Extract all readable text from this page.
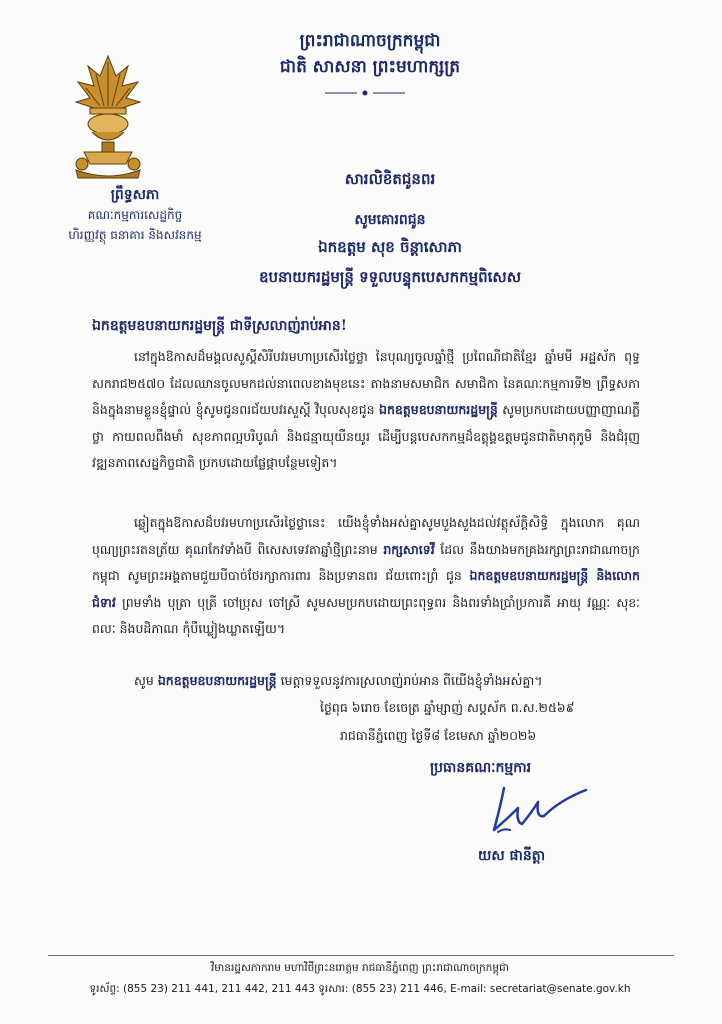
ព្រះរាជាណាចក្រកម្ពុជា
ជាតិ សាសនា ព្រះមហាក្សត្រ
ព្រឹទ្ធសភា
គណៈកម្មការសេដ្ឋកិច្ច
ហិរញ្ញវត្ថុ ធនាគារ និងសវនកម្ម
សារលិខិតជូនពរ
សូមគោរពជូន
ឯកឧត្តម សុខ ចិន្តាសោភា
ឧបនាយករដ្ឋមន្ត្រី ទទួលបន្ទុកបេសកកម្មពិសេស
ឯកឧត្តមឧបនាយករដ្ឋមន្ត្រី ជាទីស្រលាញ់រាប់អាន!
នៅក្នុងឱកាសដ៏មង្គលសួស្តីសិរីបវរមហាប្រសើរថ្លៃថ្លា នៃបុណ្យចូលឆ្នាំថ្មី ប្រពៃណីជាតិខ្មែរ ឆ្នាំមមី អដ្ឋស័ក ពុទ្ធសករាជ២៥៧០ ដែលឈានចូលមកដល់នាពេលខាងមុខនេះ តាងនាមសមាជិក សមាជិកា នៃគណៈកម្មការទី២ ព្រឹទ្ធសភា និងក្នុងនាមខ្លួនខ្ញុំផ្ទាល់ ខ្ញុំសូមជូនពរជ័យបវរសួស្តី វិបុលសុខជូន ឯកឧត្តមឧបនាយករដ្ឋមន្ត្រី សូមប្រកបដោយបញ្ញាញាណភ្លឺថ្លា កាយពលពឹងមាំ សុខភាពល្អបរិបូណ៌ និងជន្មាយុយឺនយូរ ដើម្បីបន្តបេសកកម្មដ៏ឧត្តុង្គឧត្តមជូនជាតិមាតុភូមិ និងជំរុញវឌ្ឍនភាពសេដ្ឋកិច្ចជាតិ ប្រកបដោយផ្លែផ្កាបន្ថែមទៀត។
ឆ្លៀតក្នុងឱកាសដ៏បវរមហាប្រសើរថ្លៃថ្លានេះ យើងខ្ញុំទាំងអស់គ្នាសូមបួងសួងដល់វត្ថុស័ក្តិសិទ្ធិ ក្នុងលោក គុណបុណ្យព្រះរតនត្រ័យ គុណកែវទាំងបី ពិសេសទេវតាឆ្នាំថ្មីព្រះនាម រាក្សសាទេវី ដែល នឹងយាងមកគ្រងរក្សាព្រះរាជាណាចក្រកម្ពុជា សូមព្រះអង្គតាមជួយបីបាច់ថែរក្សាការពារ និងប្រទានពរ ជ័យពោះព្រំ ជូន ឯកឧត្តមឧបនាយករដ្ឋមន្ត្រី និងលោកជំទាវ ព្រមទាំង បុត្រា បុត្រី ចៅប្រុស ចៅស្រី សូមសមប្រកបដោយព្រះពុទ្ធពរ និងពរទាំងប្រាំប្រការគឺ អាយុ វណ្ណៈ សុខៈ ពលៈ និងបដិភាណ កុំបីឃ្លៀងឃ្លាតឡើយ។
សូម ឯកឧត្តមឧបនាយករដ្ឋមន្ត្រី មេត្តាទទួលនូវការស្រលាញ់រាប់អាន ពីយើងខ្ញុំទាំងអស់គ្នា។
ថ្ងៃពុធ ៦រោច ខែចេត្រ ឆ្នាំម្សាញ់ សប្តស័ក ព.ស.២៥៦៩
រាជធានីភ្នំពេញ ថ្ងៃទី៨ ខែមេសា ឆ្នាំ២០២៦
ប្រធានគណៈកម្មការ
យស ផានីត្តា
វិមានរដ្ឋសភាករាម មហាវិថីព្រះនរោត្តម រាជធានីភ្នំពេញ ព្រះរាជាណាចក្រកម្ពុជា
ទូរស័ព្ទ: (855 23) 211 441, 211 442, 211 443 ទូរសារ: (855 23) 211 446, E-mail: secretariat@senate.gov.kh
